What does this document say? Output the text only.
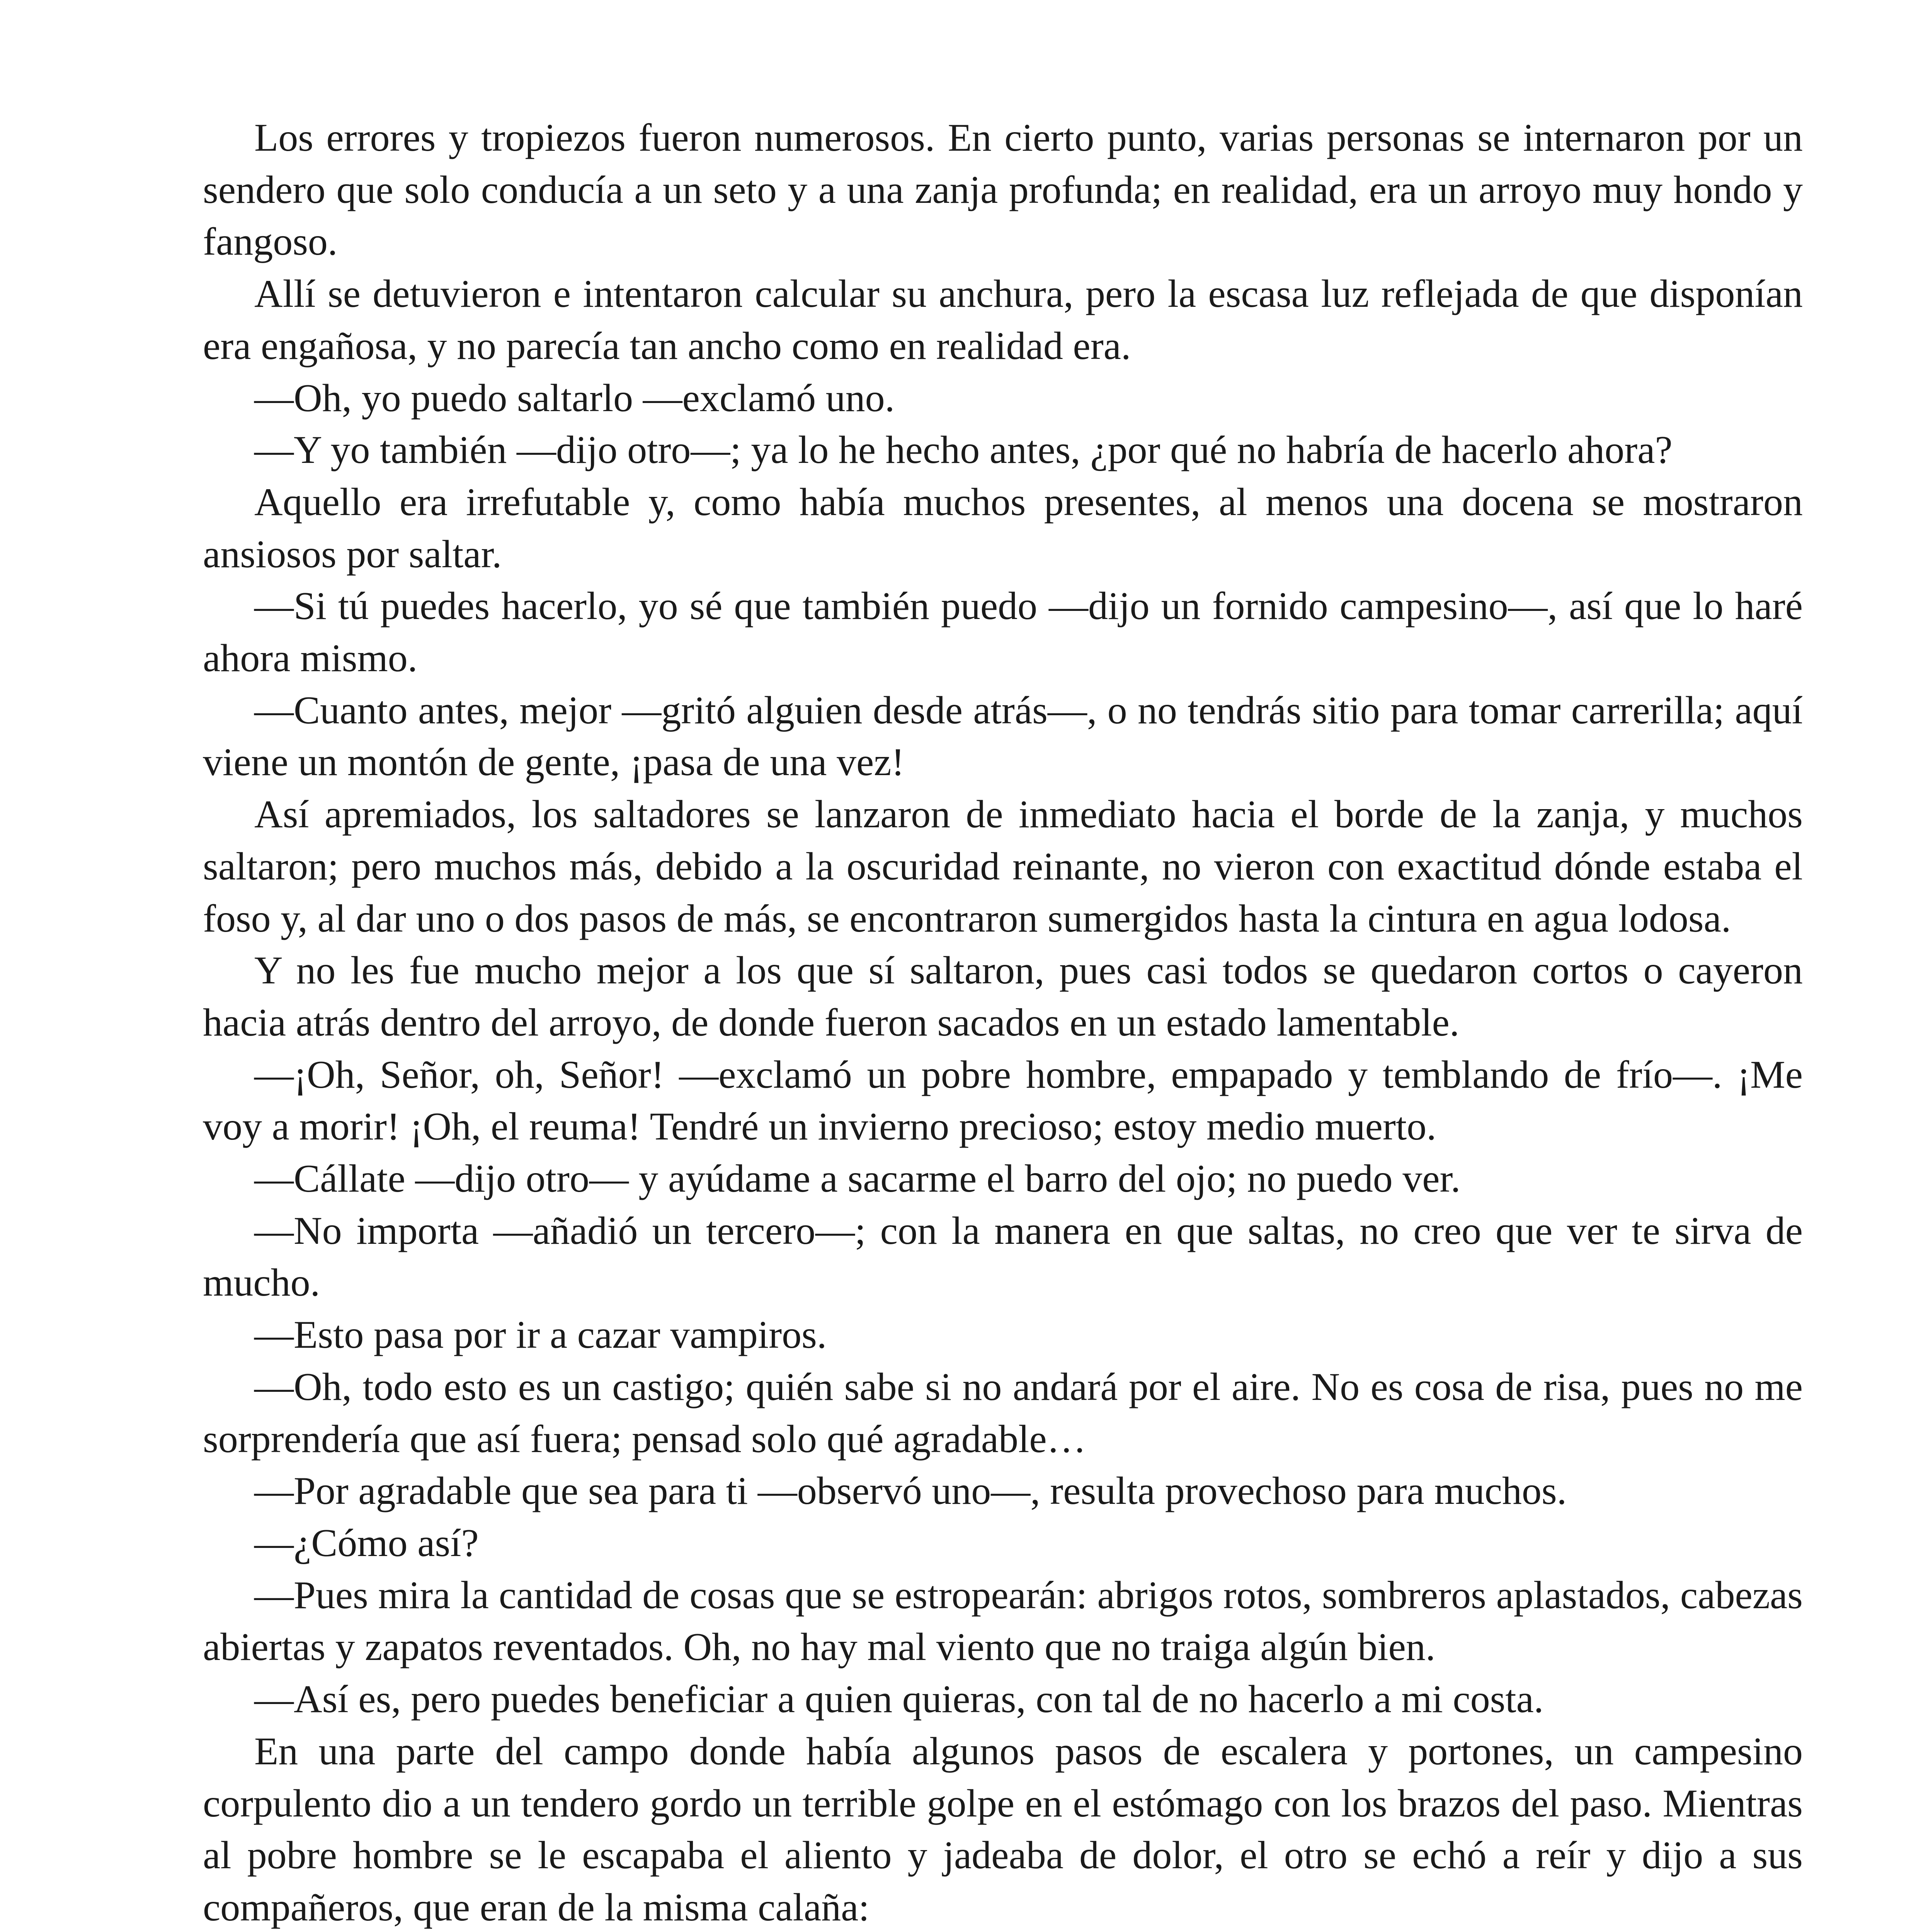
Los errores y tropiezos fueron numerosos. En cierto punto, varias personas se internaron por un sendero que solo conducía a un seto y a una zanja profunda; en realidad, era un arroyo muy hondo y fangoso.

Allí se detuvieron e intentaron calcular su anchura, pero la escasa luz reflejada de que disponían era engañosa, y no parecía tan ancho como en realidad era.

—Oh, yo puedo saltarlo —exclamó uno.

—Y yo también —dijo otro—; ya lo he hecho antes, ¿por qué no habría de hacerlo ahora?

Aquello era irrefutable y, como había muchos presentes, al menos una docena se mostraron ansiosos por saltar.

—Si tú puedes hacerlo, yo sé que también puedo —dijo un fornido campesino—, así que lo haré ahora mismo.

—Cuanto antes, mejor —gritó alguien desde atrás—, o no tendrás sitio para tomar carrerilla; aquí viene un montón de gente, ¡pasa de una vez!

Así apremiados, los saltadores se lanzaron de inmediato hacia el borde de la zanja, y muchos saltaron; pero muchos más, debido a la oscuridad reinante, no vieron con exactitud dónde estaba el foso y, al dar uno o dos pasos de más, se encontraron sumergidos hasta la cintura en agua lodosa.

Y no les fue mucho mejor a los que sí saltaron, pues casi todos se quedaron cortos o cayeron hacia atrás dentro del arroyo, de donde fueron sacados en un estado lamentable.

—¡Oh, Señor, oh, Señor! —exclamó un pobre hombre, empapado y temblando de frío—. ¡Me voy a morir! ¡Oh, el reuma! Tendré un invierno precioso; estoy medio muerto.

—Cállate —dijo otro— y ayúdame a sacarme el barro del ojo; no puedo ver.

—No importa —añadió un tercero—; con la manera en que saltas, no creo que ver te sirva de mucho.

—Esto pasa por ir a cazar vampiros.

—Oh, todo esto es un castigo; quién sabe si no andará por el aire. No es cosa de risa, pues no me sorprendería que así fuera; pensad solo qué agradable…

—Por agradable que sea para ti —observó uno—, resulta provechoso para muchos.

—¿Cómo así?

—Pues mira la cantidad de cosas que se estropearán: abrigos rotos, sombreros aplastados, cabezas abiertas y zapatos reventados. Oh, no hay mal viento que no traiga algún bien.

—Así es, pero puedes beneficiar a quien quieras, con tal de no hacerlo a mi costa.

En una parte del campo donde había algunos pasos de escalera y portones, un campesino corpulento dio a un tendero gordo un terrible golpe en el estómago con los brazos del paso. Mientras al pobre hombre se le escapaba el aliento y jadeaba de dolor, el otro se echó a reír y dijo a sus compañeros, que eran de la misma calaña:
